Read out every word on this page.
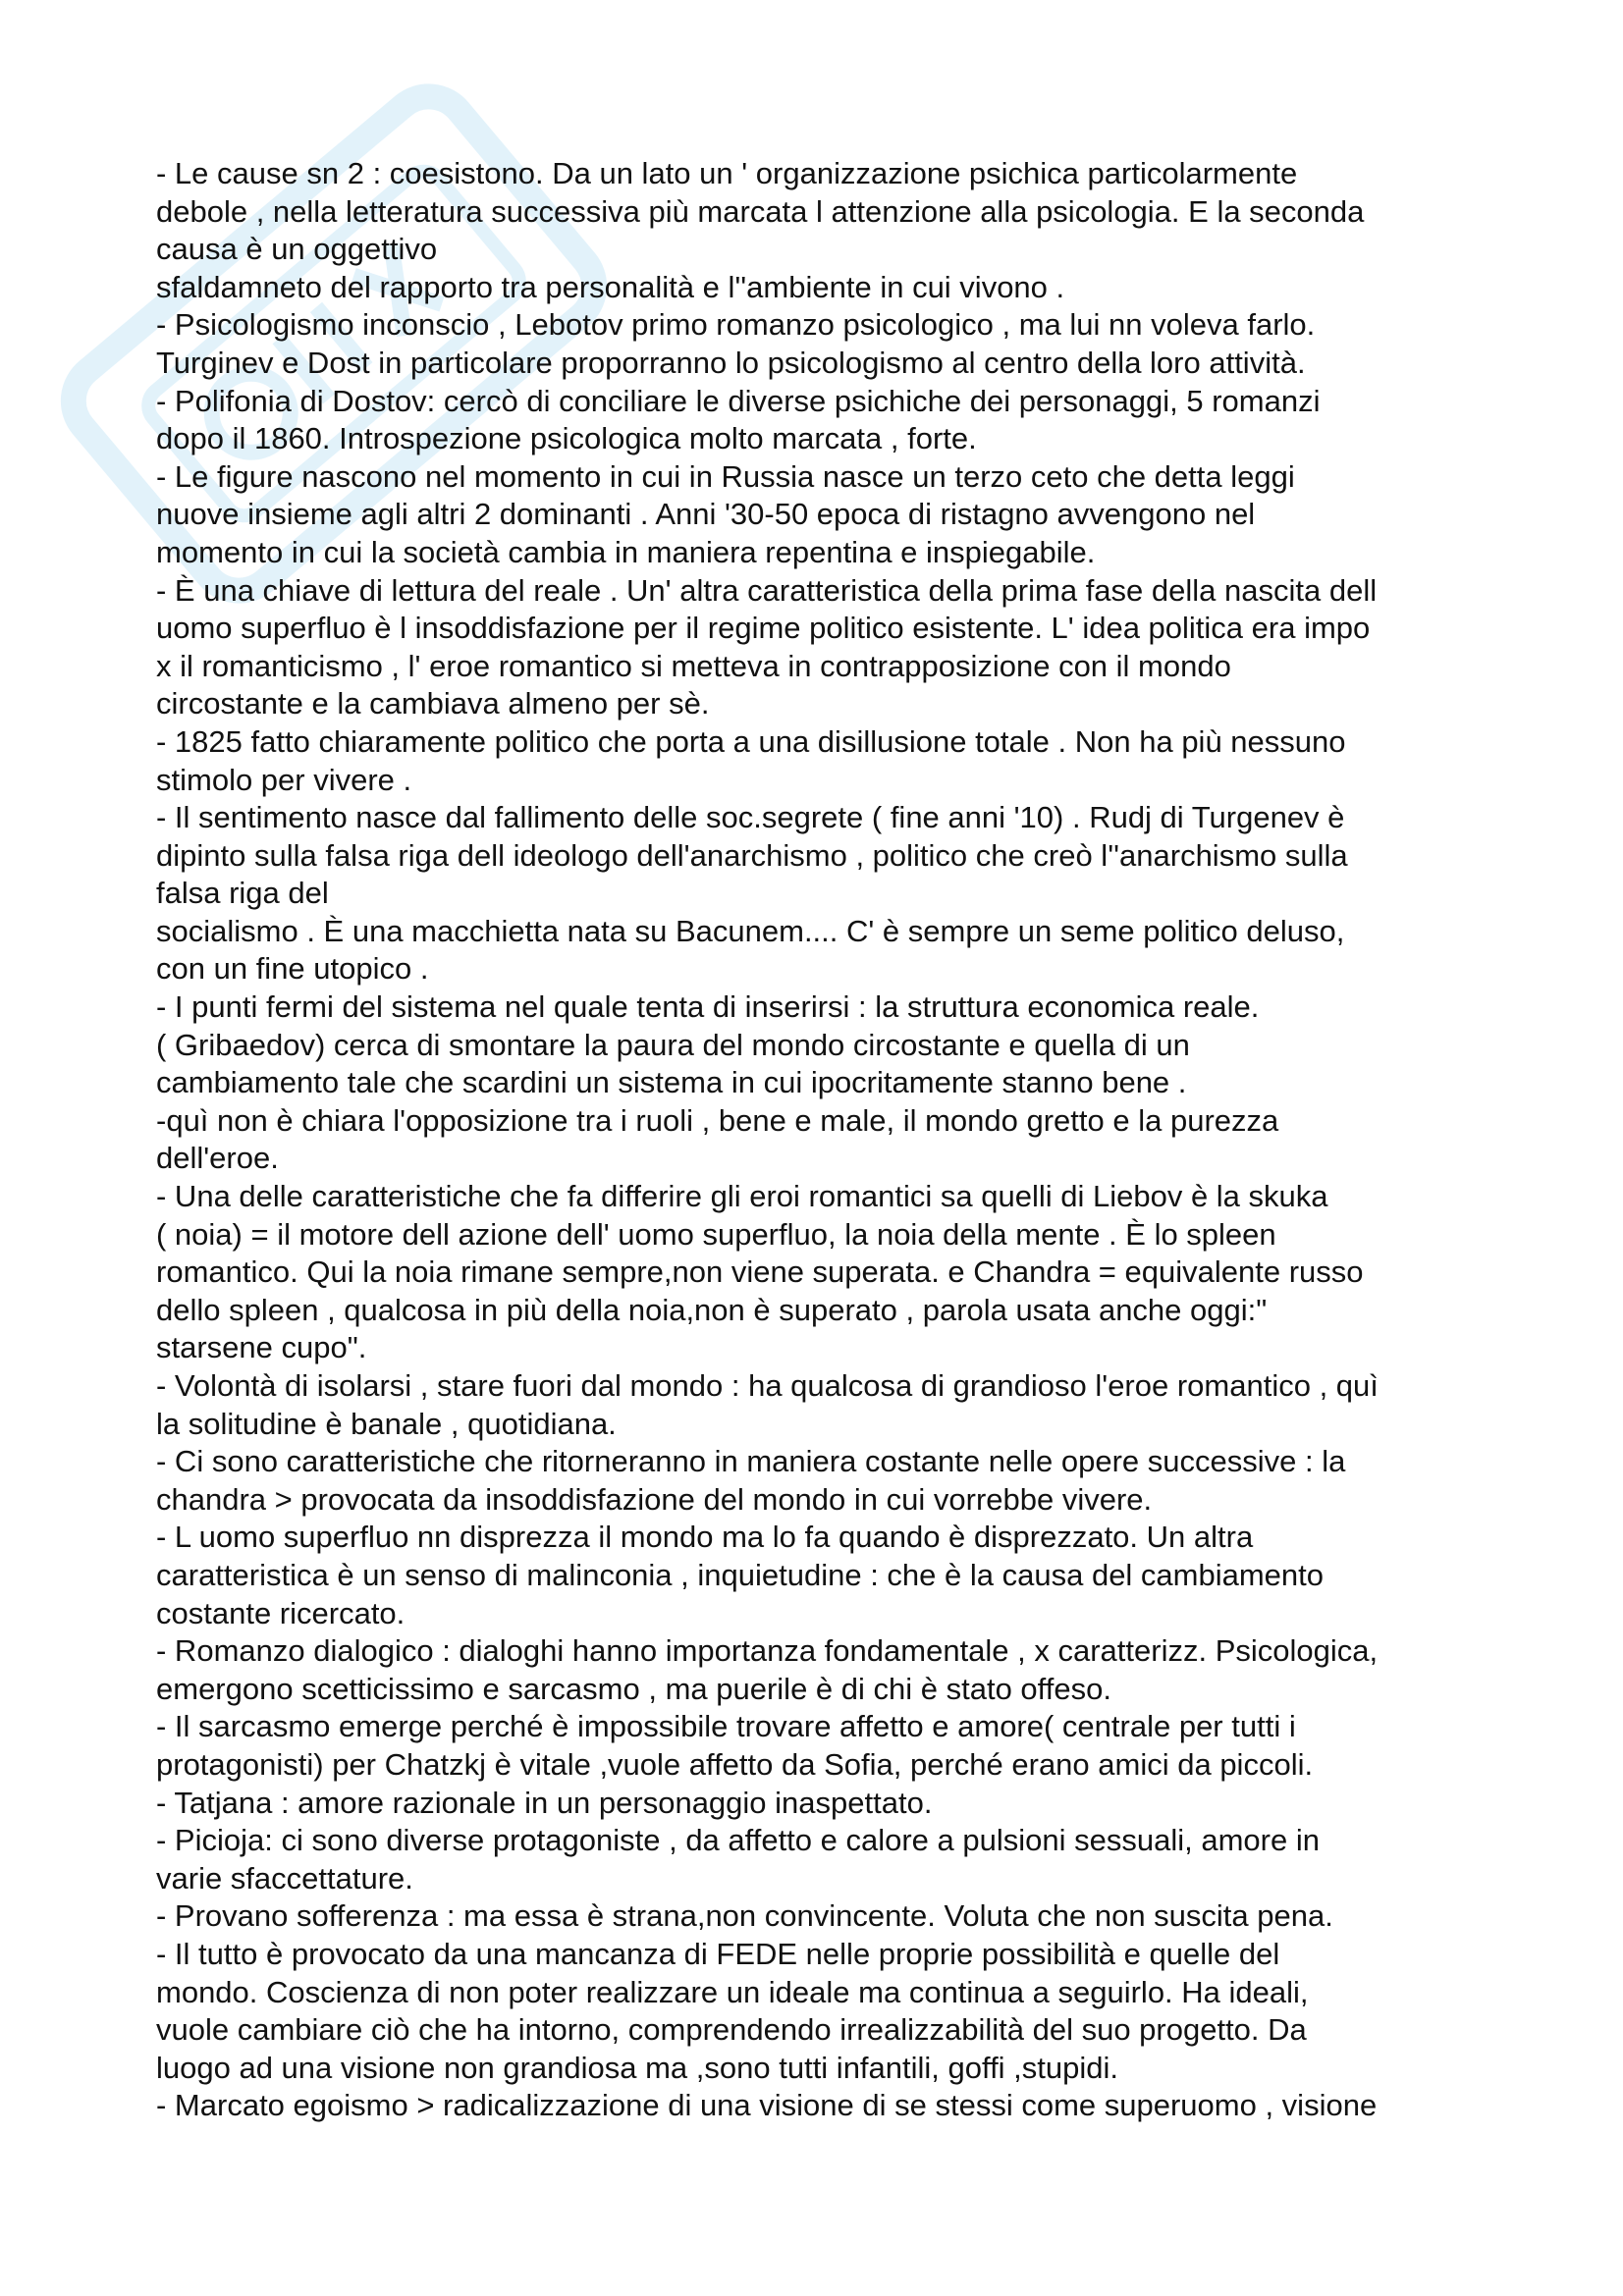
- Le cause sn 2 : coesistono. Da un lato un ' organizzazione psichica particolarmente
debole , nella letteratura successiva più marcata l attenzione alla psicologia. E la seconda
causa è un oggettivo
sfaldamneto del rapporto tra personalità e l''ambiente in cui vivono .
- Psicologismo inconscio , Lebotov primo romanzo psicologico , ma lui nn voleva farlo.
Turginev e Dost in particolare proporranno lo psicologismo al centro della loro attività.
- Polifonia di Dostov: cercò di conciliare le diverse psichiche dei personaggi, 5 romanzi
dopo il 1860. Introspezione psicologica molto marcata , forte.
- Le figure nascono nel momento in cui in Russia nasce un terzo ceto che detta leggi
nuove insieme agli altri 2 dominanti . Anni '30-50 epoca di ristagno avvengono nel
momento in cui la società cambia in maniera repentina e inspiegabile.
- È una chiave di lettura del reale . Un' altra caratteristica della prima fase della nascita dell
uomo superfluo è l insoddisfazione per il regime politico esistente. L' idea politica era impo
x il romanticismo , l' eroe romantico si metteva in contrapposizione con il mondo
circostante e la cambiava almeno per sè.
- 1825 fatto chiaramente politico che porta a una disillusione totale . Non ha più nessuno
stimolo per vivere .
- Il sentimento nasce dal fallimento delle soc.segrete ( fine anni '10) . Rudj di Turgenev è
dipinto sulla falsa riga dell ideologo dell'anarchismo , politico che creò l''anarchismo sulla
falsa riga del
socialismo . È una macchietta nata su Bacunem.... C' è sempre un seme politico deluso,
con un fine utopico .
- I punti fermi del sistema nel quale tenta di inserirsi : la struttura economica reale.
( Gribaedov) cerca di smontare la paura del mondo circostante e quella di un
cambiamento tale che scardini un sistema in cui ipocritamente stanno bene .
-quì non è chiara l'opposizione tra i ruoli , bene e male, il mondo gretto e la purezza
dell'eroe.
- Una delle caratteristiche che fa differire gli eroi romantici sa quelli di Liebov è la skuka
( noia) = il motore dell azione dell' uomo superfluo, la noia della mente . È lo spleen
romantico. Qui la noia rimane sempre,non viene superata. e Chandra = equivalente russo
dello spleen , qualcosa in più della noia,non è superato , parola usata anche oggi:"
starsene cupo".
- Volontà di isolarsi , stare fuori dal mondo : ha qualcosa di grandioso l'eroe romantico , quì
la solitudine è banale , quotidiana.
- Ci sono caratteristiche che ritorneranno in maniera costante nelle opere successive : la
chandra > provocata da insoddisfazione del mondo in cui vorrebbe vivere.
- L uomo superfluo nn disprezza il mondo ma lo fa quando è disprezzato. Un altra
caratteristica è un senso di malinconia , inquietudine : che è la causa del cambiamento
costante ricercato.
- Romanzo dialogico : dialoghi hanno importanza fondamentale , x caratterizz. Psicologica,
emergono scetticissimo e sarcasmo , ma puerile è di chi è stato offeso.
- Il sarcasmo emerge perché è impossibile trovare affetto e amore( centrale per tutti i
protagonisti) per Chatzkj è vitale ,vuole affetto da Sofia, perché erano amici da piccoli.
- Tatjana : amore razionale in un personaggio inaspettato.
- Picioja: ci sono diverse protagoniste , da affetto e calore a pulsioni sessuali, amore in
varie sfaccettature.
- Provano sofferenza : ma essa è strana,non convincente. Voluta che non suscita pena.
- Il tutto è provocato da una mancanza di FEDE nelle proprie possibilità e quelle del
mondo. Coscienza di non poter realizzare un ideale ma continua a seguirlo. Ha ideali,
vuole cambiare ciò che ha intorno, comprendendo irrealizzabilità del suo progetto. Da
luogo ad una visione non grandiosa ma ,sono tutti infantili, goffi ,stupidi.
- Marcato egoismo > radicalizzazione di una visione di se stessi come superuomo , visione
